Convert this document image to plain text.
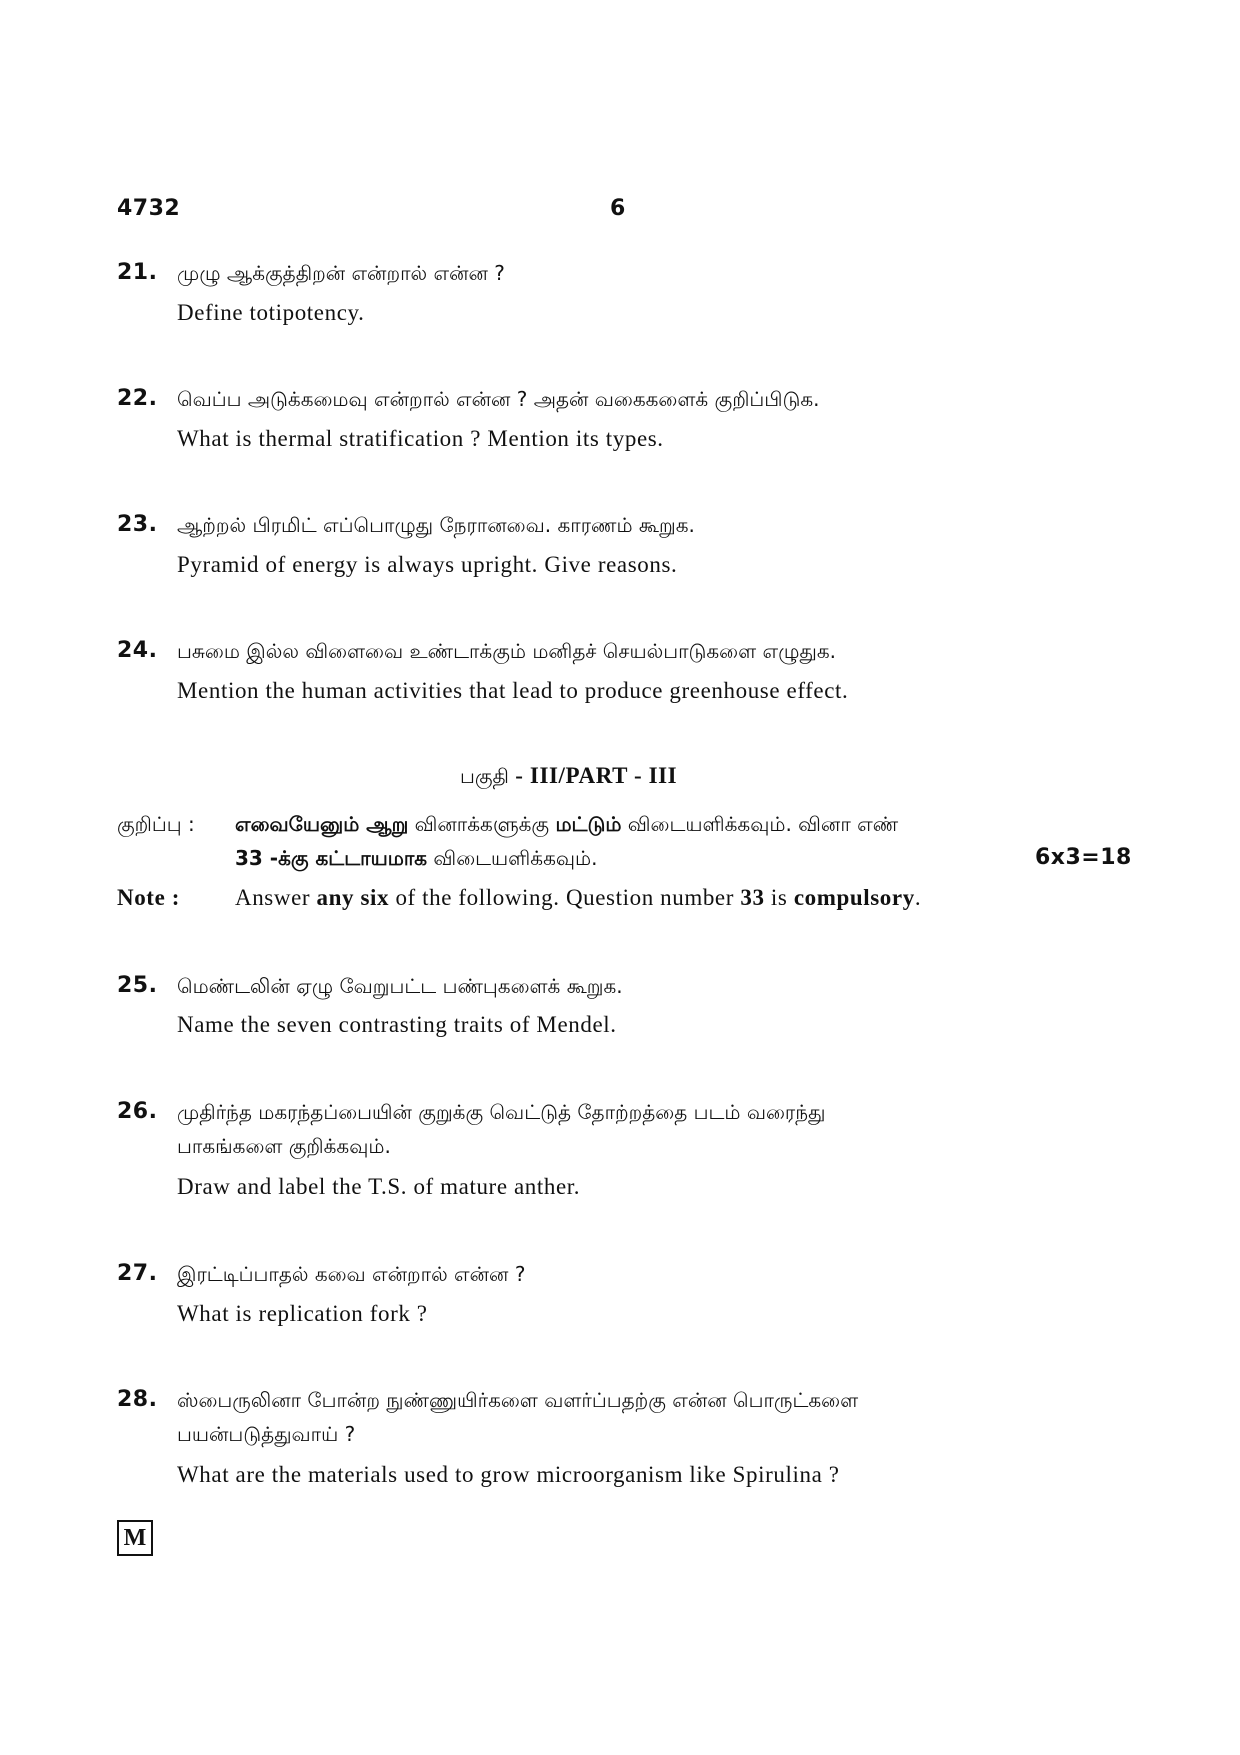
4732	6
21. முழு ஆக்குத்திறன் என்றால் என்ன ?
Define totipotency.
22. வெப்ப அடுக்கமைவு என்றால் என்ன ? அதன் வகைகளைக் குறிப்பிடுக.
What is thermal stratification ? Mention its types.
23. ஆற்றல் பிரமிட் எப்பொழுது நேரானவை. காரணம் கூறுக.
Pyramid of energy is always upright. Give reasons.
24. பசுமை இல்ல விளைவை உண்டாக்கும் மனிதச் செயல்பாடுகளை எழுதுக.
Mention the human activities that lead to produce greenhouse effect.
பகுதி - III/PART - III
குறிப்பு : எவையேனும் ஆறு வினாக்களுக்கு மட்டும் விடையளிக்கவும். வினா எண்
33 -க்கு கட்டாயமாக விடையளிக்கவும்.	6x3=18
Note : Answer any six of the following. Question number 33 is compulsory.
25. மெண்டலின் ஏழு வேறுபட்ட பண்புகளைக் கூறுக.
Name the seven contrasting traits of Mendel.
26. முதிர்ந்த மகரந்தப்பையின் குறுக்கு வெட்டுத் தோற்றத்தை படம் வரைந்து
பாகங்களை குறிக்கவும்.
Draw and label the T.S. of mature anther.
27. இரட்டிப்பாதல் கவை என்றால் என்ன ?
What is replication fork ?
28. ஸ்பைருலினா போன்ற நுண்ணுயிர்களை வளர்ப்பதற்கு என்ன பொருட்களை
பயன்படுத்துவாய் ?
What are the materials used to grow microorganism like Spirulina ?
M
